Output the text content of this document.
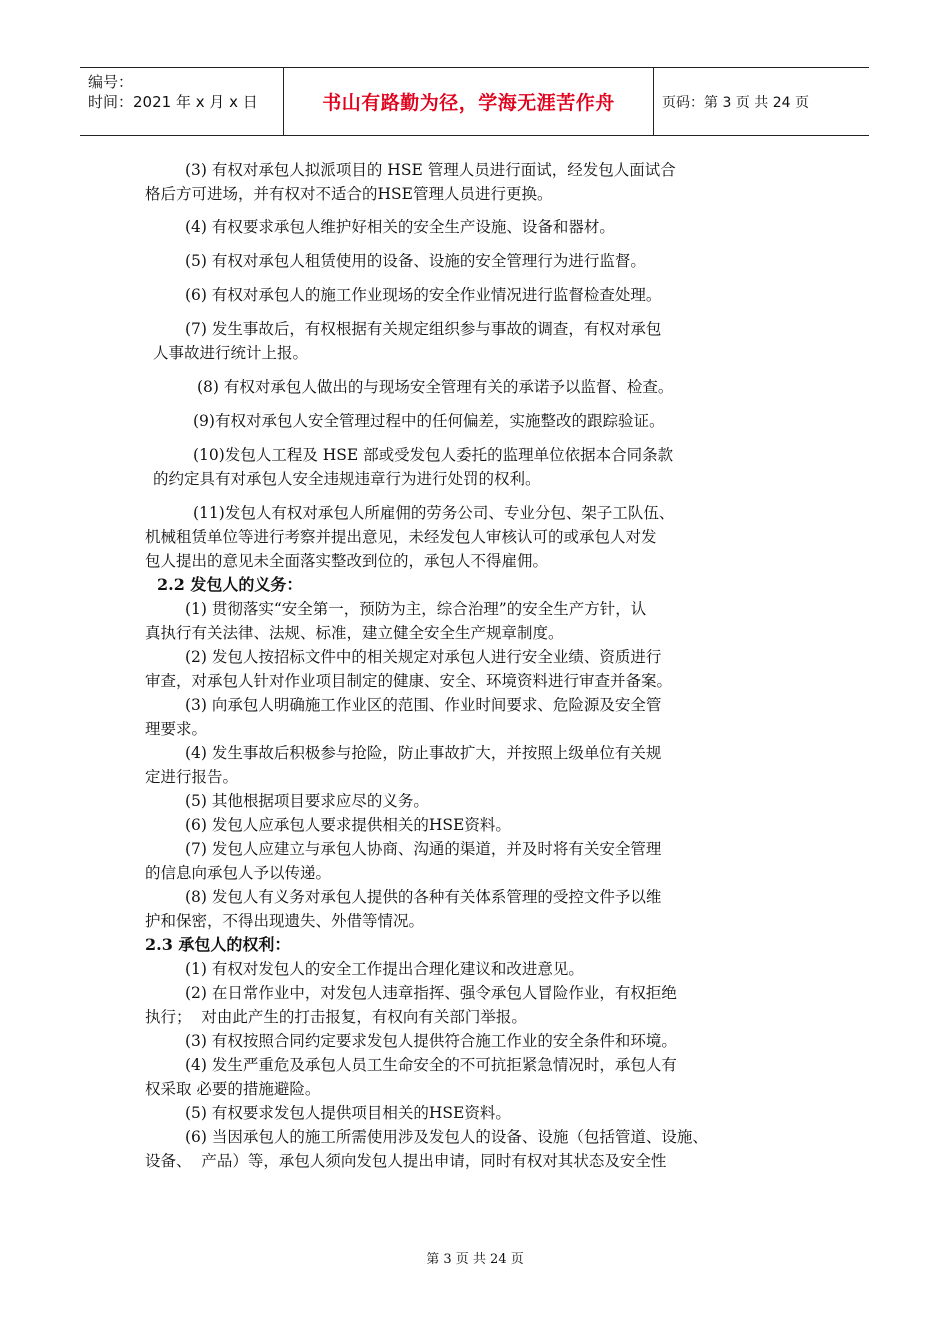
编号：
时间：2021 年 x 月 x 日	书山有路勤为径，学海无涯苦作舟	页码：第 3 页 共 24 页

(3) 有权对承包人拟派项目的 HSE 管理人员进行面试，经发包人面试合

格后方可进场，并有权对不适合的HSE管理人员进行更换。

(4) 有权要求承包人维护好相关的安全生产设施、设备和器材。

(5) 有权对承包人租赁使用的设备、设施的安全管理行为进行监督。

(6) 有权对承包人的施工作业现场的安全作业情况进行监督检查处理。

(7) 发生事故后，有权根据有关规定组织参与事故的调查，有权对承包

人事故进行统计上报。

(8) 有权对承包人做出的与现场安全管理有关的承诺予以监督、检查。

(9)有权对承包人安全管理过程中的任何偏差，实施整改的跟踪验证。

(10)发包人工程及 HSE 部或受发包人委托的监理单位依据本合同条款

的约定具有对承包人安全违规违章行为进行处罚的权利。

(11)发包人有权对承包人所雇佣的劳务公司、专业分包、架子工队伍、

机械租赁单位等进行考察并提出意见，未经发包人审核认可的或承包人对发

包人提出的意见未全面落实整改到位的，承包人不得雇佣。

2.2 发包人的义务：

(1) 贯彻落实“安全第一，预防为主，综合治理”的安全生产方针，认

真执行有关法律、法规、标准，建立健全安全生产规章制度。

(2) 发包人按招标文件中的相关规定对承包人进行安全业绩、资质进行

审查，对承包人针对作业项目制定的健康、安全、环境资料进行审查并备案。

(3) 向承包人明确施工作业区的范围、作业时间要求、危险源及安全管

理要求。

(4) 发生事故后积极参与抢险，防止事故扩大，并按照上级单位有关规

定进行报告。

(5) 其他根据项目要求应尽的义务。

(6) 发包人应承包人要求提供相关的HSE资料。

(7) 发包人应建立与承包人协商、沟通的渠道，并及时将有关安全管理

的信息向承包人予以传递。

(8) 发包人有义务对承包人提供的各种有关体系管理的受控文件予以维

护和保密，不得出现遗失、外借等情况。

2.3 承包人的权利：

(1) 有权对发包人的安全工作提出合理化建议和改进意见。

(2) 在日常作业中，对发包人违章指挥、强令承包人冒险作业，有权拒绝

执行；  对由此产生的打击报复，有权向有关部门举报。

(3) 有权按照合同约定要求发包人提供符合施工作业的安全条件和环境。

(4) 发生严重危及承包人员工生命安全的不可抗拒紧急情况时，承包人有

权采取 必要的措施避险。

(5) 有权要求发包人提供项目相关的HSE资料。

(6) 当因承包人的施工所需使用涉及发包人的设备、设施（包括管道、设施、

设备、  产品）等，承包人须向发包人提出申请，同时有权对其状态及安全性

第 3 页 共 24 页
